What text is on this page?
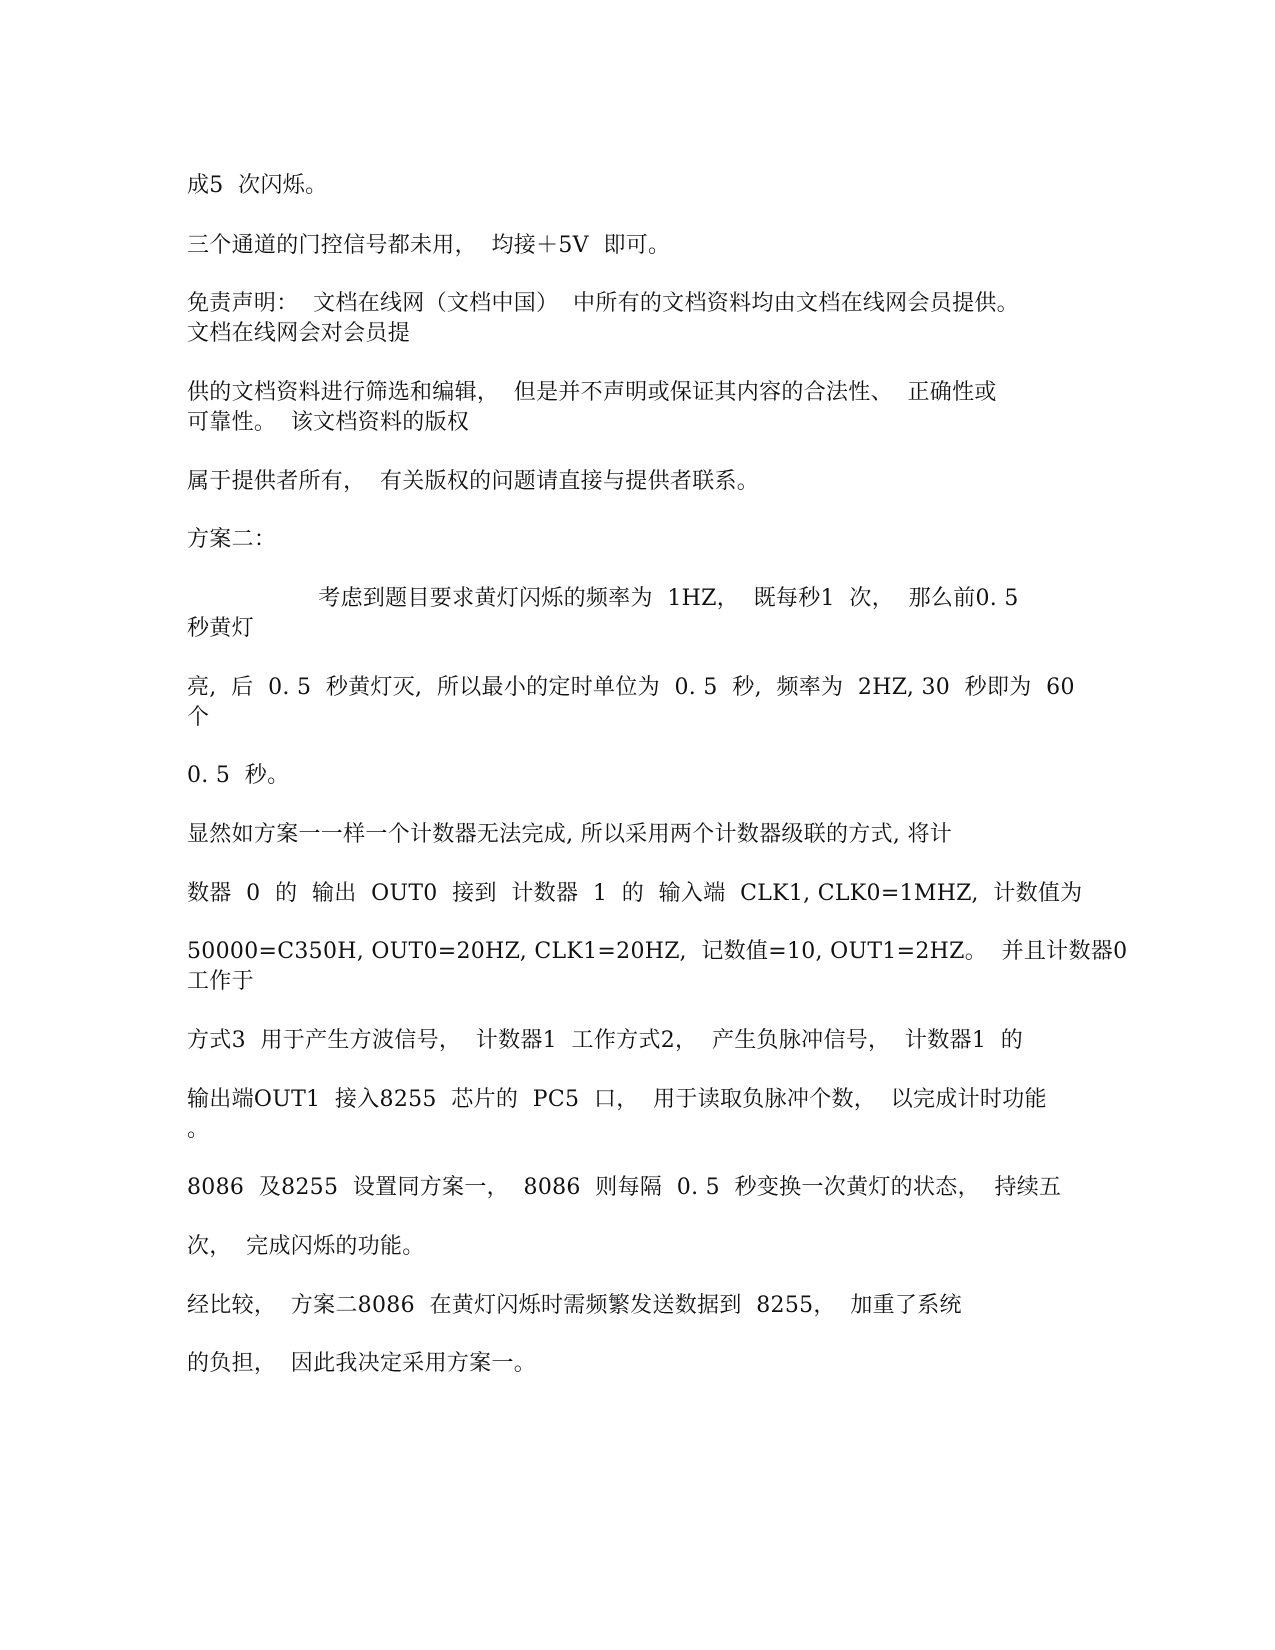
成5  次闪烁。
三个通道的门控信号都未用，  均接＋5V  即可。
免责声明：  文档在线网（文档中国）  中所有的文档资料均由文档在线网会员提供。
文档在线网会对会员提
供的文档资料进行筛选和编辑，  但是并不声明或保证其内容的合法性、  正确性或
可靠性。  该文档资料的版权
属于提供者所有，  有关版权的问题请直接与提供者联系。
方案二：
考虑到题目要求黄灯闪烁的频率为  1HZ，  既每秒1  次，  那么前0. 5
秒黄灯
亮,  后  0. 5  秒黄灯灭,  所以最小的定时单位为  0. 5  秒,  频率为  2HZ, 30  秒即为  60
个
0. 5  秒。
显然如方案一一样一个计数器无法完成, 所以采用两个计数器级联的方式, 将计
数器  0  的  输出  OUT0  接到  计数器  1  的  输入端  CLK1, CLK0=1MHZ,  计数值为
50000=C350H, OUT0=20HZ, CLK1=20HZ,  记数值=10, OUT1=2HZ。  并且计数器0
工作于
方式3  用于产生方波信号，  计数器1  工作方式2，  产生负脉冲信号，  计数器1  的
输出端OUT1  接入8255  芯片的  PC5  口，  用于读取负脉冲个数，  以完成计时功能
。
8086  及8255  设置同方案一，  8086  则每隔  0. 5  秒变换一次黄灯的状态，  持续五
次，  完成闪烁的功能。
经比较，  方案二8086  在黄灯闪烁时需频繁发送数据到  8255，  加重了系统
的负担，  因此我决定采用方案一。
